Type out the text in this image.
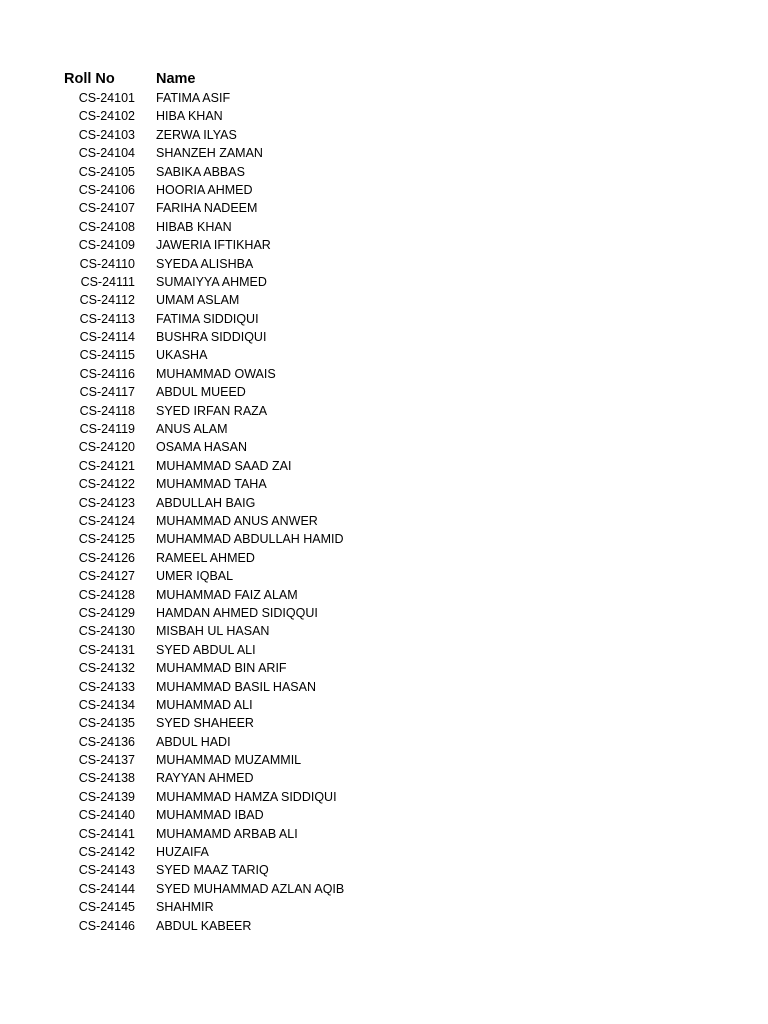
Roll No	Name
CS-24101 FATIMA ASIF
CS-24102 HIBA KHAN
CS-24103 ZERWA ILYAS
CS-24104 SHANZEH ZAMAN
CS-24105 SABIKA ABBAS
CS-24106 HOORIA AHMED
CS-24107 FARIHA NADEEM
CS-24108 HIBAB KHAN
CS-24109 JAWERIA IFTIKHAR
CS-24110 SYEDA ALISHBA
CS-24111 SUMAIYYA AHMED
CS-24112 UMAM ASLAM
CS-24113 FATIMA SIDDIQUI
CS-24114 BUSHRA SIDDIQUI
CS-24115 UKASHA
CS-24116 MUHAMMAD OWAIS
CS-24117 ABDUL MUEED
CS-24118 SYED IRFAN RAZA
CS-24119 ANUS ALAM
CS-24120 OSAMA HASAN
CS-24121 MUHAMMAD SAAD ZAI
CS-24122 MUHAMMAD TAHA
CS-24123 ABDULLAH BAIG
CS-24124 MUHAMMAD ANUS ANWER
CS-24125 MUHAMMAD ABDULLAH HAMID
CS-24126 RAMEEL AHMED
CS-24127 UMER IQBAL
CS-24128 MUHAMMAD FAIZ ALAM
CS-24129 HAMDAN AHMED SIDIQQUI
CS-24130 MISBAH UL HASAN
CS-24131 SYED ABDUL ALI
CS-24132 MUHAMMAD BIN ARIF
CS-24133 MUHAMMAD BASIL HASAN
CS-24134 MUHAMMAD ALI
CS-24135 SYED SHAHEER
CS-24136 ABDUL HADI
CS-24137 MUHAMMAD MUZAMMIL
CS-24138 RAYYAN AHMED
CS-24139 MUHAMMAD HAMZA SIDDIQUI
CS-24140 MUHAMMAD IBAD
CS-24141 MUHAMAMD ARBAB ALI
CS-24142 HUZAIFA
CS-24143 SYED MAAZ TARIQ
CS-24144 SYED MUHAMMAD AZLAN AQIB
CS-24145 SHAHMIR
CS-24146 ABDUL KABEER
